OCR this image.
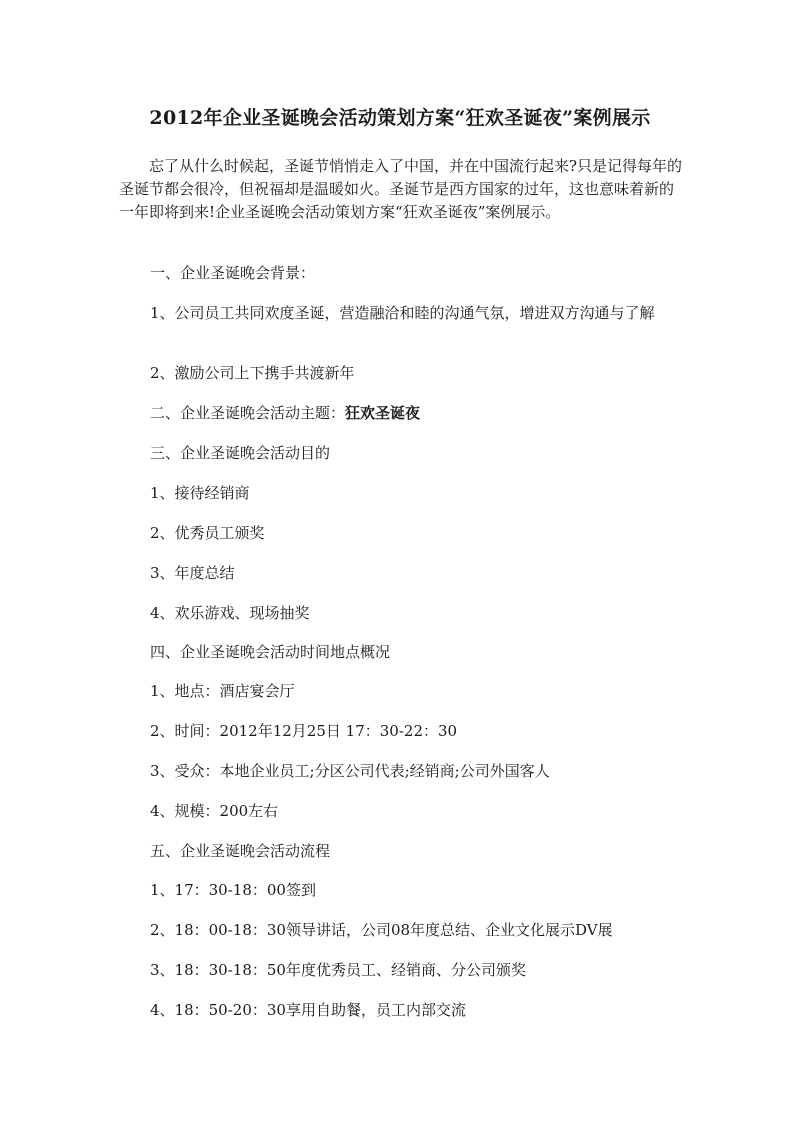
2012年企业圣诞晚会活动策划方案“狂欢圣诞夜”案例展示
忘了从什么时候起，圣诞节悄悄走入了中国，并在中国流行起来?只是记得每年的圣诞节都会很冷，但祝福却是温暖如火。圣诞节是西方国家的过年，这也意味着新的一年即将到来!企业圣诞晚会活动策划方案“狂欢圣诞夜”案例展示。
一、企业圣诞晚会背景：
1、公司员工共同欢度圣诞，营造融洽和睦的沟通气氛，增进双方沟通与了解
2、激励公司上下携手共渡新年
二、企业圣诞晚会活动主题：狂欢圣诞夜
三、企业圣诞晚会活动目的
1、接待经销商
2、优秀员工颁奖
3、年度总结
4、欢乐游戏、现场抽奖
四、企业圣诞晚会活动时间地点概况
1、地点：酒店宴会厅
2、时间：2012年12月25日 17：30-22：30
3、受众：本地企业员工;分区公司代表;经销商;公司外国客人
4、规模：200左右
五、企业圣诞晚会活动流程
1、17：30-18：00签到
2、18：00-18：30领导讲话，公司08年度总结、企业文化展示DV展
3、18：30-18：50年度优秀员工、经销商、分公司颁奖
4、18：50-20：30享用自助餐，员工内部交流
